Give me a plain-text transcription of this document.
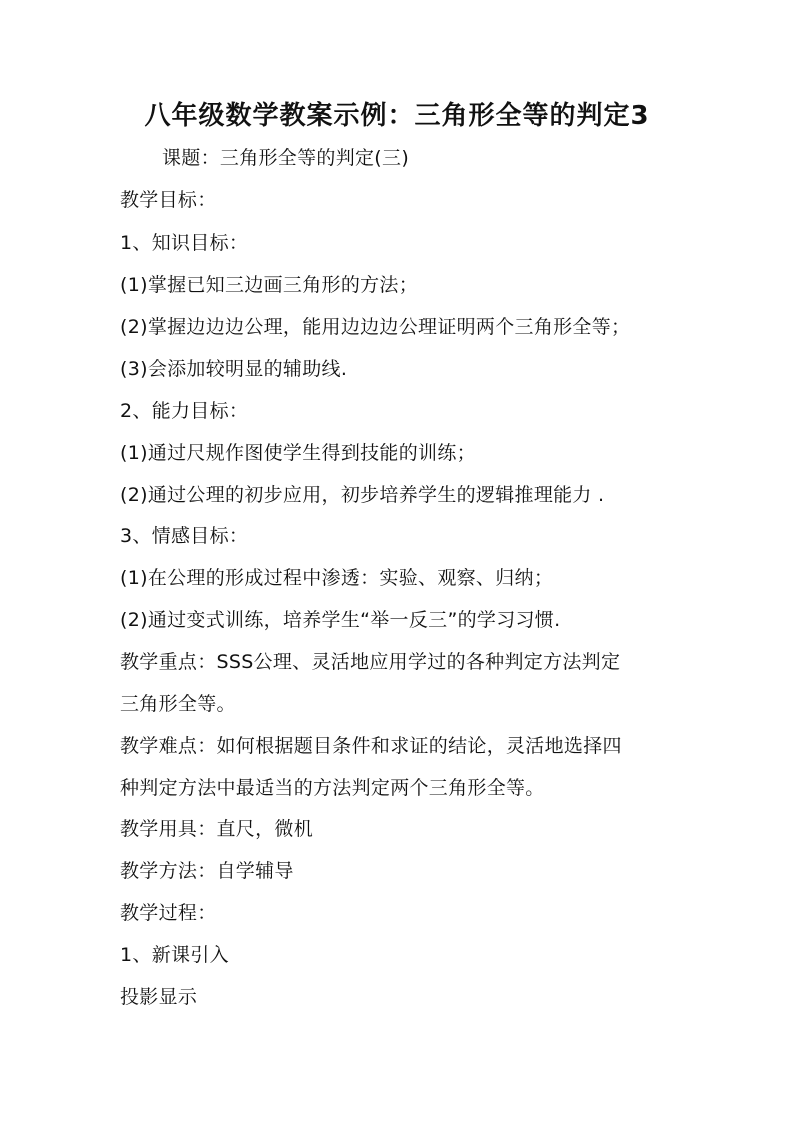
八年级数学教案示例：三角形全等的判定3
课题：三角形全等的判定(三)
教学目标：
1、知识目标：
(1)掌握已知三边画三角形的方法；
(2)掌握边边边公理，能用边边边公理证明两个三角形全等；
(3)会添加较明显的辅助线.
2、能力目标：
(1)通过尺规作图使学生得到技能的训练；
(2)通过公理的初步应用，初步培养学生的逻辑推理能力 .
3、情感目标：
(1)在公理的形成过程中渗透：实验、观察、归纳；
(2)通过变式训练，培养学生“举一反三”的学习习惯.
教学重点：SSS公理、灵活地应用学过的各种判定方法判定
三角形全等。
教学难点：如何根据题目条件和求证的结论，灵活地选择四
种判定方法中最适当的方法判定两个三角形全等。
教学用具：直尺，微机
教学方法：自学辅导
教学过程：
1、新课引入
投影显示
